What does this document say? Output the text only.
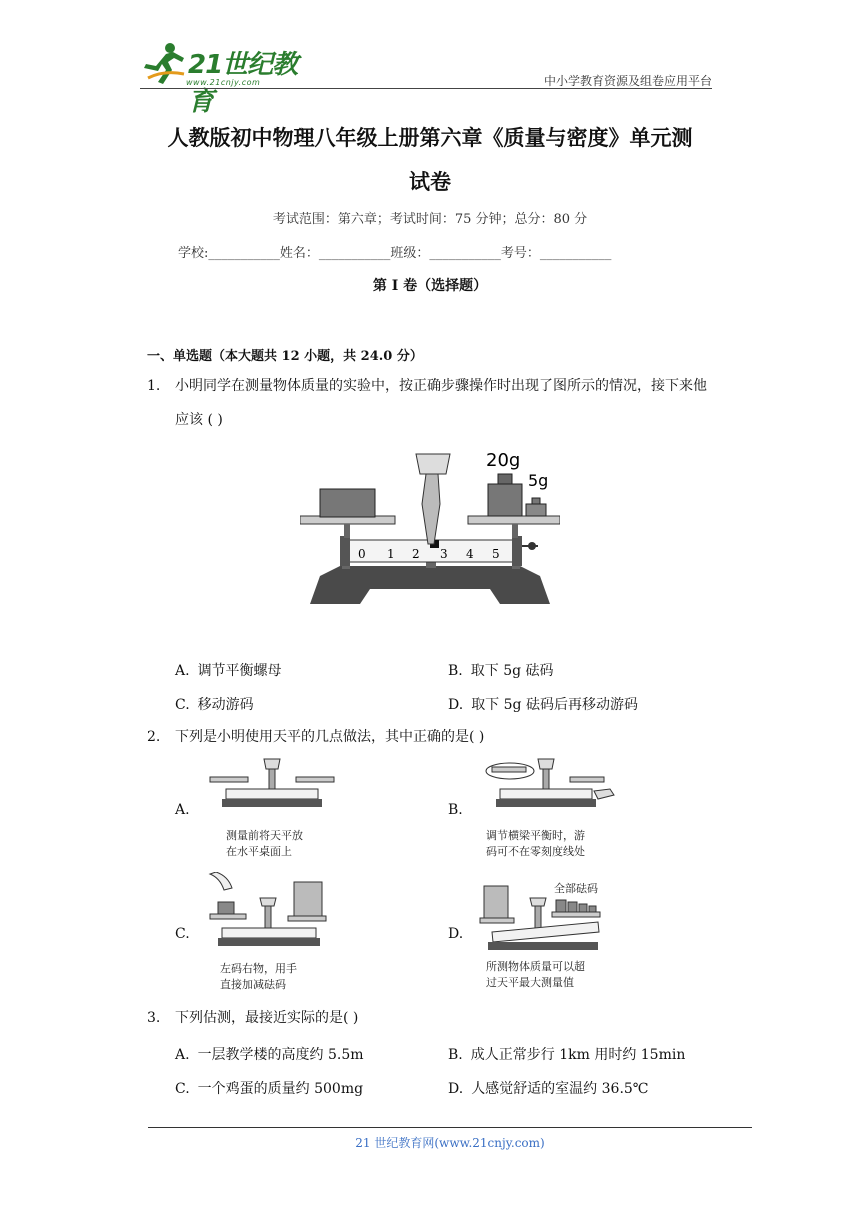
21世纪教育
www.21cnjy.com	中小学教育资源及组卷应用平台
人教版初中物理八年级上册第六章《质量与密度》单元测
试卷
考试范围：第六章；考试时间：75 分钟；总分：80 分
学校:___________姓名：___________班级：___________考号：___________
第 I 卷（选择题）
一、单选题（本大题共 12 小题，共 24.0 分）
1. 小明同学在测量物体质量的实验中，按正确步骤操作时出现了图所示的情况，接下来他应该 ( )
0 1 2 3 4 5
20g
5g
A. 调节平衡螺母	B. 取下 5g 砝码
C. 移动游码	D. 取下 5g 砝码后再移动游码
2. 下列是小明使用天平的几点做法，其中正确的是( )
A.
测量前将天平放
在水平桌面上
B.
调节横梁平衡时，游
码可不在零刻度线处
C.
左码右物，用手
直接加减砝码
D.
全部砝码
所测物体质量可以超
过天平最大测量值
3. 下列估测，最接近实际的是( )
A. 一层教学楼的高度约 5.5m	B. 成人正常步行 1km 用时约 15min
C. 一个鸡蛋的质量约 500mg	D. 人感觉舒适的室温约 36.5℃
21 世纪教育网(www.21cnjy.com)
